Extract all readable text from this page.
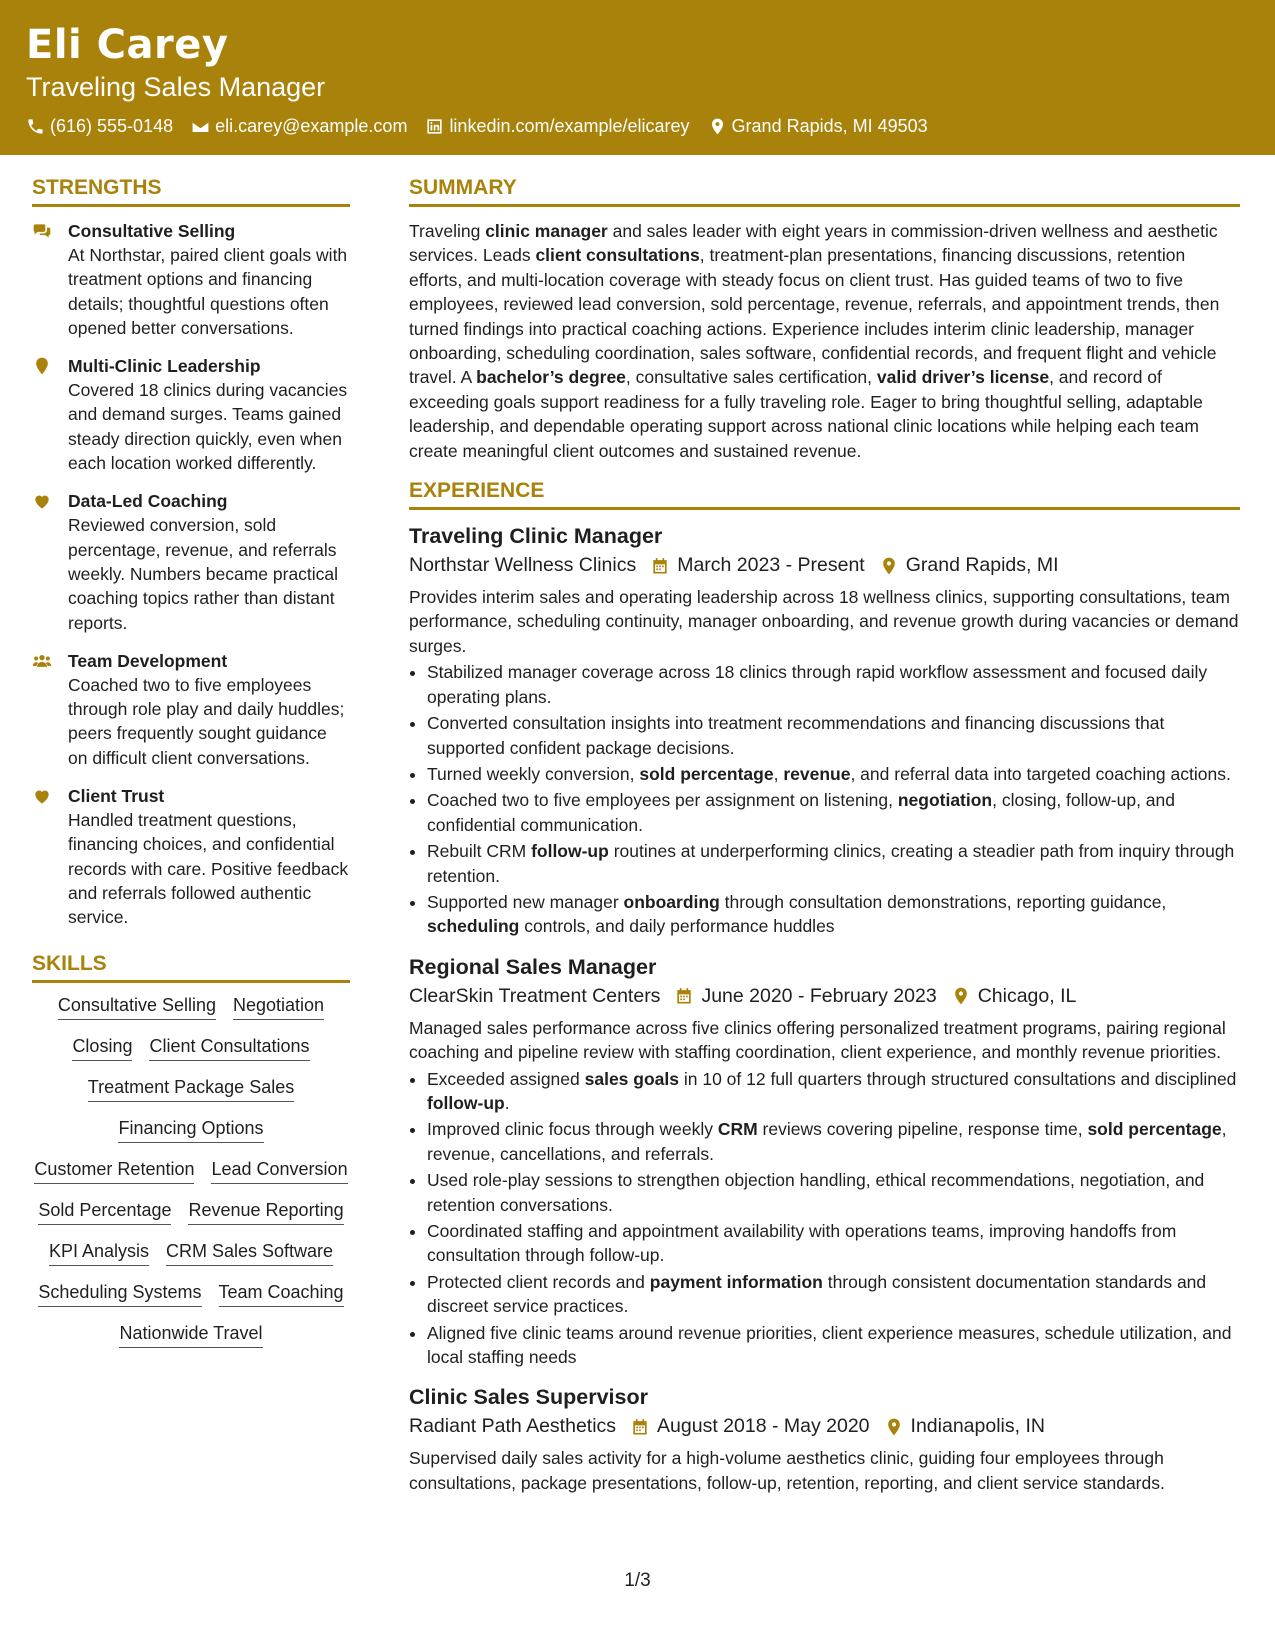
Eli Carey
Traveling Sales Manager
(616) 555-0148 eli.carey@example.com linkedin.com/example/elicarey Grand Rapids, MI 49503
STRENGTHS
Consultative Selling
At Northstar, paired client goals with treatment options and financing details; thoughtful questions often opened better conversations.
Multi-Clinic Leadership
Covered 18 clinics during vacancies and demand surges. Teams gained steady direction quickly, even when each location worked differently.
Data-Led Coaching
Reviewed conversion, sold percentage, revenue, and referrals weekly. Numbers became practical coaching topics rather than distant reports.
Team Development
Coached two to five employees through role play and daily huddles; peers frequently sought guidance on difficult client conversations.
Client Trust
Handled treatment questions, financing choices, and confidential records with care. Positive feedback and referrals followed authentic service.
SKILLS
Consultative Selling Negotiation
Closing Client Consultations
Treatment Package Sales
Financing Options
Customer Retention Lead Conversion
Sold Percentage Revenue Reporting
KPI Analysis CRM Sales Software
Scheduling Systems Team Coaching
Nationwide Travel
SUMMARY
Traveling clinic manager and sales leader with eight years in commission-driven wellness and aesthetic services. Leads client consultations, treatment-plan presentations, financing discussions, retention efforts, and multi-location coverage with steady focus on client trust. Has guided teams of two to five employees, reviewed lead conversion, sold percentage, revenue, referrals, and appointment trends, then turned findings into practical coaching actions. Experience includes interim clinic leadership, manager onboarding, scheduling coordination, sales software, confidential records, and frequent flight and vehicle travel. A bachelor’s degree, consultative sales certification, valid driver’s license, and record of exceeding goals support readiness for a fully traveling role. Eager to bring thoughtful selling, adaptable leadership, and dependable operating support across national clinic locations while helping each team create meaningful client outcomes and sustained revenue.
EXPERIENCE
Traveling Clinic Manager
Northstar Wellness Clinics March 2023 - Present Grand Rapids, MI
Provides interim sales and operating leadership across 18 wellness clinics, supporting consultations, team performance, scheduling continuity, manager onboarding, and revenue growth during vacancies or demand surges.
• Stabilized manager coverage across 18 clinics through rapid workflow assessment and focused daily operating plans.
• Converted consultation insights into treatment recommendations and financing discussions that supported confident package decisions.
• Turned weekly conversion, sold percentage, revenue, and referral data into targeted coaching actions.
• Coached two to five employees per assignment on listening, negotiation, closing, follow-up, and confidential communication.
• Rebuilt CRM follow-up routines at underperforming clinics, creating a steadier path from inquiry through retention.
• Supported new manager onboarding through consultation demonstrations, reporting guidance, scheduling controls, and daily performance huddles
Regional Sales Manager
ClearSkin Treatment Centers June 2020 - February 2023 Chicago, IL
Managed sales performance across five clinics offering personalized treatment programs, pairing regional coaching and pipeline review with staffing coordination, client experience, and monthly revenue priorities.
• Exceeded assigned sales goals in 10 of 12 full quarters through structured consultations and disciplined follow-up.
• Improved clinic focus through weekly CRM reviews covering pipeline, response time, sold percentage, revenue, cancellations, and referrals.
• Used role-play sessions to strengthen objection handling, ethical recommendations, negotiation, and retention conversations.
• Coordinated staffing and appointment availability with operations teams, improving handoffs from consultation through follow-up.
• Protected client records and payment information through consistent documentation standards and discreet service practices.
• Aligned five clinic teams around revenue priorities, client experience measures, schedule utilization, and local staffing needs
Clinic Sales Supervisor
Radiant Path Aesthetics August 2018 - May 2020 Indianapolis, IN
Supervised daily sales activity for a high-volume aesthetics clinic, guiding four employees through consultations, package presentations, follow-up, retention, reporting, and client service standards.
1/3
